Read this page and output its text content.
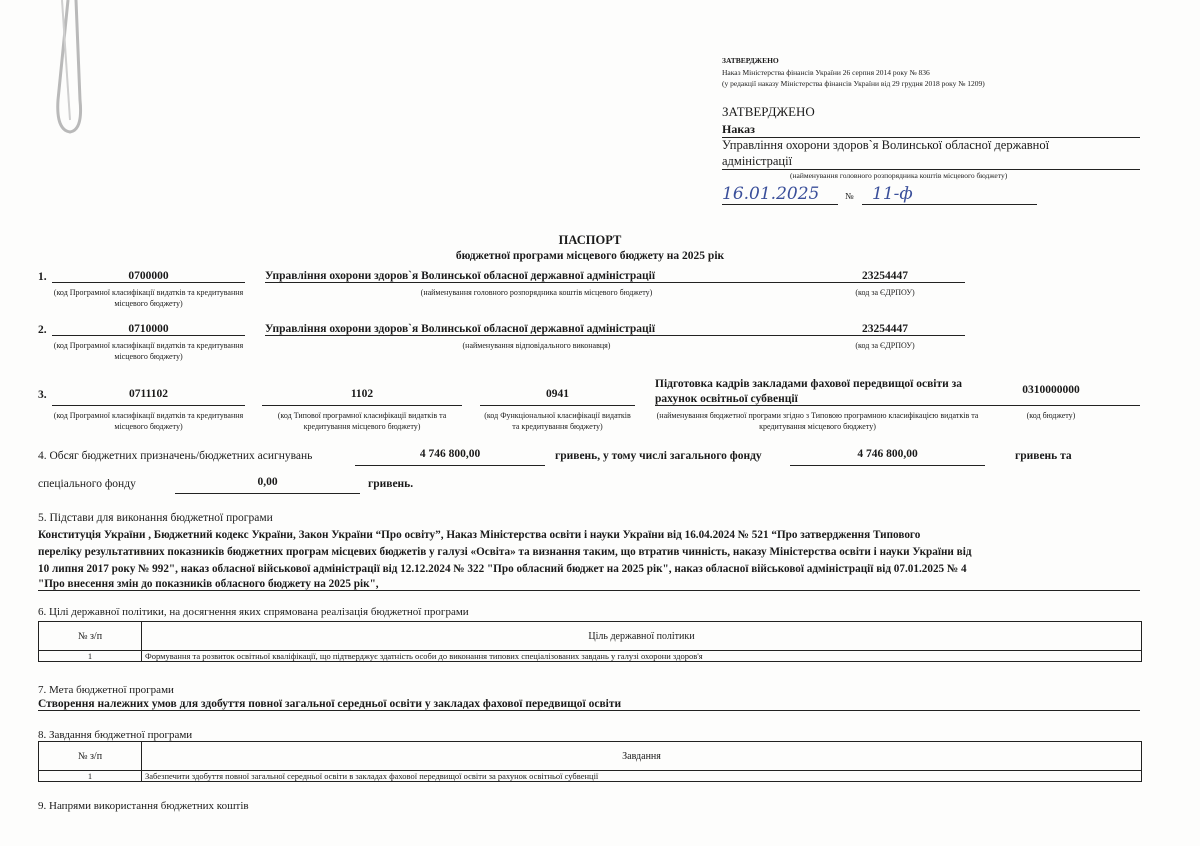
ЗАТВЕРДЖЕНО
Наказ Міністерства фінансів України 26 серпня 2014 року № 836
(у редакції наказу Міністерства фінансів України від 29 грудня 2018 року № 1209)
ЗАТВЕРДЖЕНО
Наказ
Управління охорони здоров`я Волинської обласної державної
адміністрації
(найменування головного розпорядника коштів місцевого бюджету)
16.01.2025	№	11-ф
ПАСПОРТ
бюджетної програми місцевого бюджету на 2025 рік
1.	0700000
(код Програмної класифікації видатків та кредитування місцевого бюджету)
Управління охорони здоров`я Волинської обласної державної адміністрації
(найменування головного розпорядника коштів місцевого бюджету)
23254447
(код за ЄДРПОУ)
2.	0710000
(код Програмної класифікації видатків та кредитування місцевого бюджету)
Управління охорони здоров`я Волинської обласної державної адміністрації
(найменування відповідального виконавця)
23254447
(код за ЄДРПОУ)
3.	0711102
(код Програмної класифікації видатків та кредитування місцевого бюджету)
1102
(код Типової програмної класифікації видатків та кредитування місцевого бюджету)
0941
(код Функціональної класифікації видатків та кредитування бюджету)
Підготовка кадрів закладами фахової передвищої освіти за
рахунок освітньої субвенції
(найменування бюджетної програми згідно з Типовою програмною класифікацією видатків та кредитування місцевого бюджету)
0310000000
(код бюджету)
4. Обсяг бюджетних призначень/бюджетних асигнувань	4 746 800,00	гривень, у тому числі загального фонду	4 746 800,00	гривень та
спеціального фонду	0,00	гривень.
5. Підстави для виконання бюджетної програми
Конституція України , Бюджетний кодекс України, Закон України “Про освіту”, Наказ Міністерства освіти і науки України від 16.04.2024 № 521 “Про затвердження Типового
переліку результативних показників бюджетних програм місцевих бюджетів у галузі «Освіта» та визнання таким, що втратив чинність, наказу Міністерства освіти і науки України від
10 липня 2017 року № 992", наказ обласної військової адміністрації від 12.12.2024 № 322 "Про обласний бюджет на 2025 рік", наказ обласної військової адміністрації від 07.01.2025 № 4
"Про внесення змін до показників обласного бюджету на 2025 рік",
6. Цілі державної політики, на досягнення яких спрямована реалізація бюджетної програми
№ з/п	Ціль державної політики
1	Формування та розвиток освітньої кваліфікації, що підтверджує здатність особи до виконання типових спеціалізованих завдань у галузі охорони здоров'я
7. Мета бюджетної програми
Створення належних умов для здобуття повної загальної середньої освіти у закладах фахової передвищої освіти
8. Завдання бюджетної програми
№ з/п	Завдання
1	Забезпечити здобуття повної загальної середньої освіти в закладах фахової передвищої освіти за рахунок освітньої субвенції
9. Напрями використання бюджетних коштів
